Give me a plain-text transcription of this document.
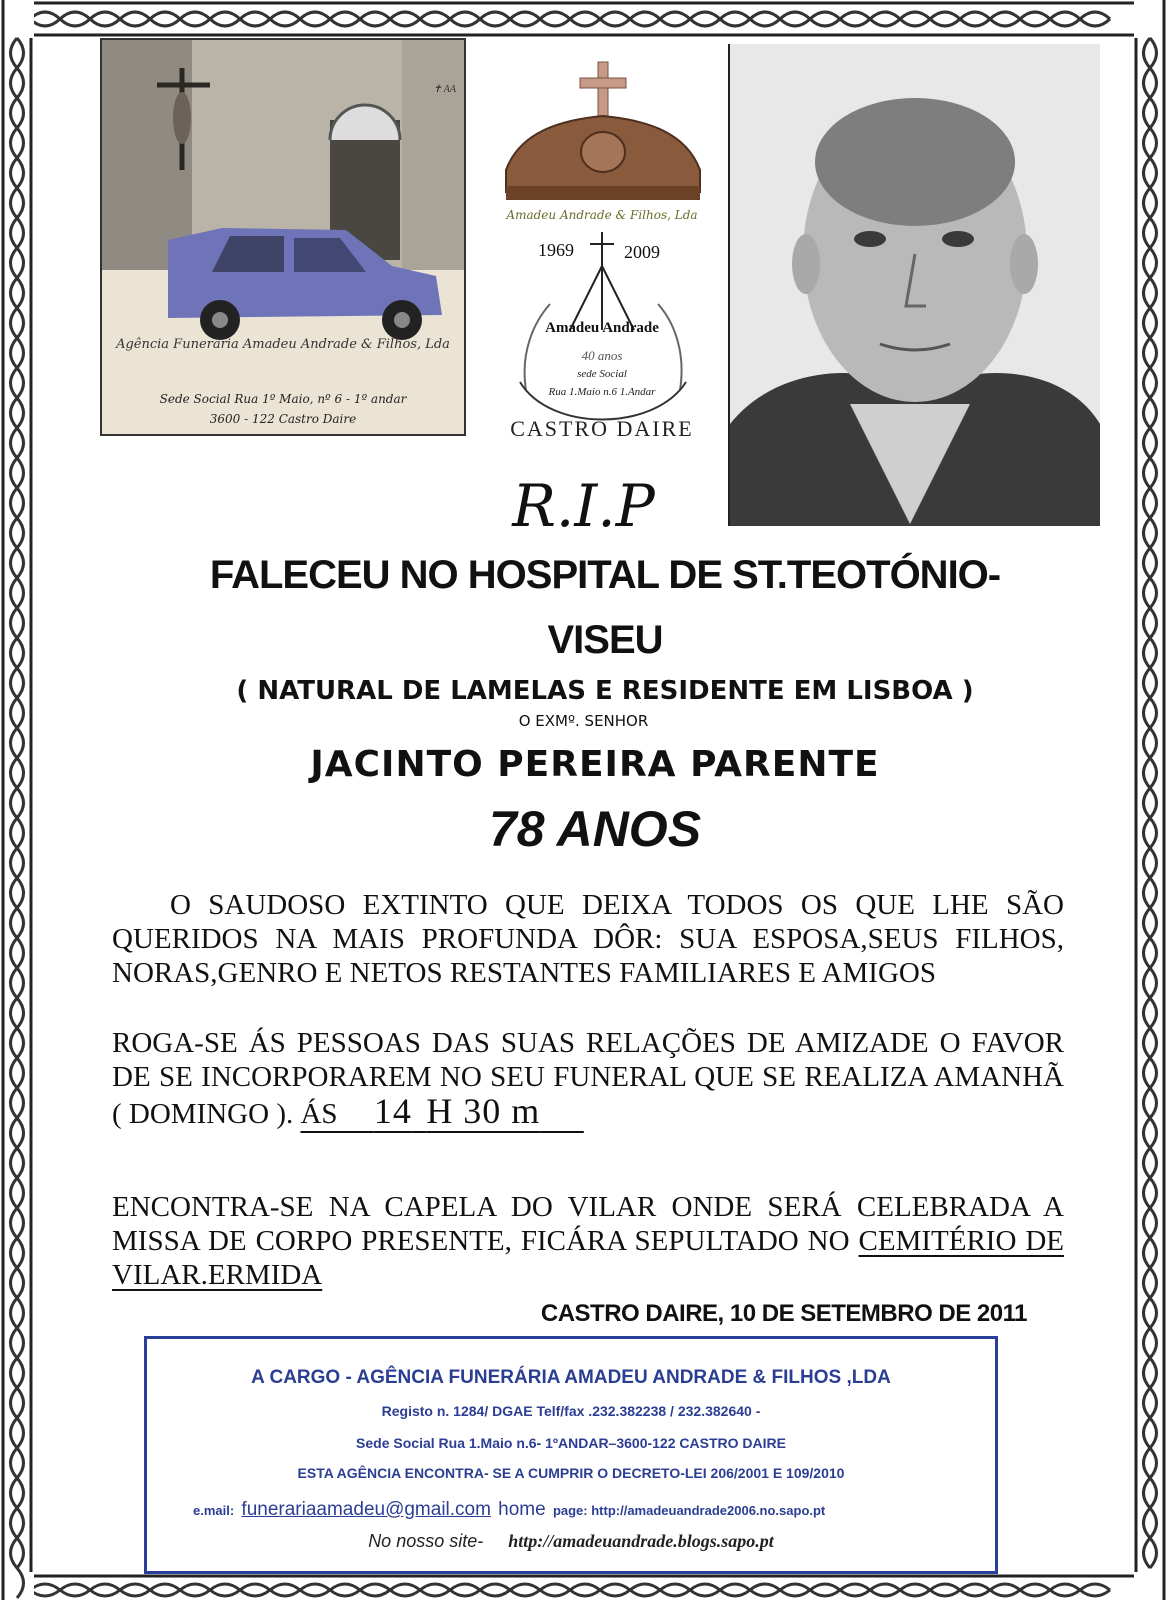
✝ AA
Agência Funerária Amadeu Andrade & Filhos, Lda
Sede Social Rua 1º Maio, nº 6 - 1º andar
3600 - 122 Castro Daire
Amadeu Andrade & Filhos, Lda
1969	2009
Amadeu Andrade
40 anos
sede Social
Rua 1.Maio n.6 1.Andar
CASTRO DAIRE
R.I.P
FALECEU NO HOSPITAL DE ST.TEOTÓNIO-
VISEU
( NATURAL DE LAMELAS E RESIDENTE EM LISBOA )
O EXMº. SENHOR
JACINTO PEREIRA PARENTE
78 ANOS
O SAUDOSO EXTINTO QUE DEIXA TODOS OS QUE LHE SÃO QUERIDOS NA MAIS PROFUNDA DÔR: SUA ESPOSA,SEUS FILHOS, NORAS,GENRO E NETOS RESTANTES FAMILIARES E AMIGOS
ROGA-SE ÁS PESSOAS DAS SUAS RELAÇÕES DE AMIZADE O FAVOR DE SE INCORPORAREM NO SEU FUNERAL QUE SE REALIZA AMANHÃ ( DOMINGO ). ÁS 14 H 30 m
ENCONTRA-SE NA CAPELA DO VILAR ONDE SERÁ CELEBRADA A MISSA DE CORPO PRESENTE, FICÁRA SEPULTADO NO CEMITÉRIO DE VILAR.ERMIDA
CASTRO DAIRE, 10 DE SETEMBRO DE 2011
A CARGO - AGÊNCIA FUNERÁRIA AMADEU ANDRADE & FILHOS ,LDA
Registo n. 1284/ DGAE Telf/fax .232.382238 / 232.382640 -
Sede Social Rua 1.Maio n.6- 1ºANDAR–3600-122 CASTRO DAIRE
ESTA AGÊNCIA ENCONTRA- SE A CUMPRIR O DECRETO-LEI 206/2001 E 109/2010
e.mail: funerariaamadeu@gmail.com home page: http://amadeuandrade2006.no.sapo.pt
No nosso site- http://amadeuandrade.blogs.sapo.pt
